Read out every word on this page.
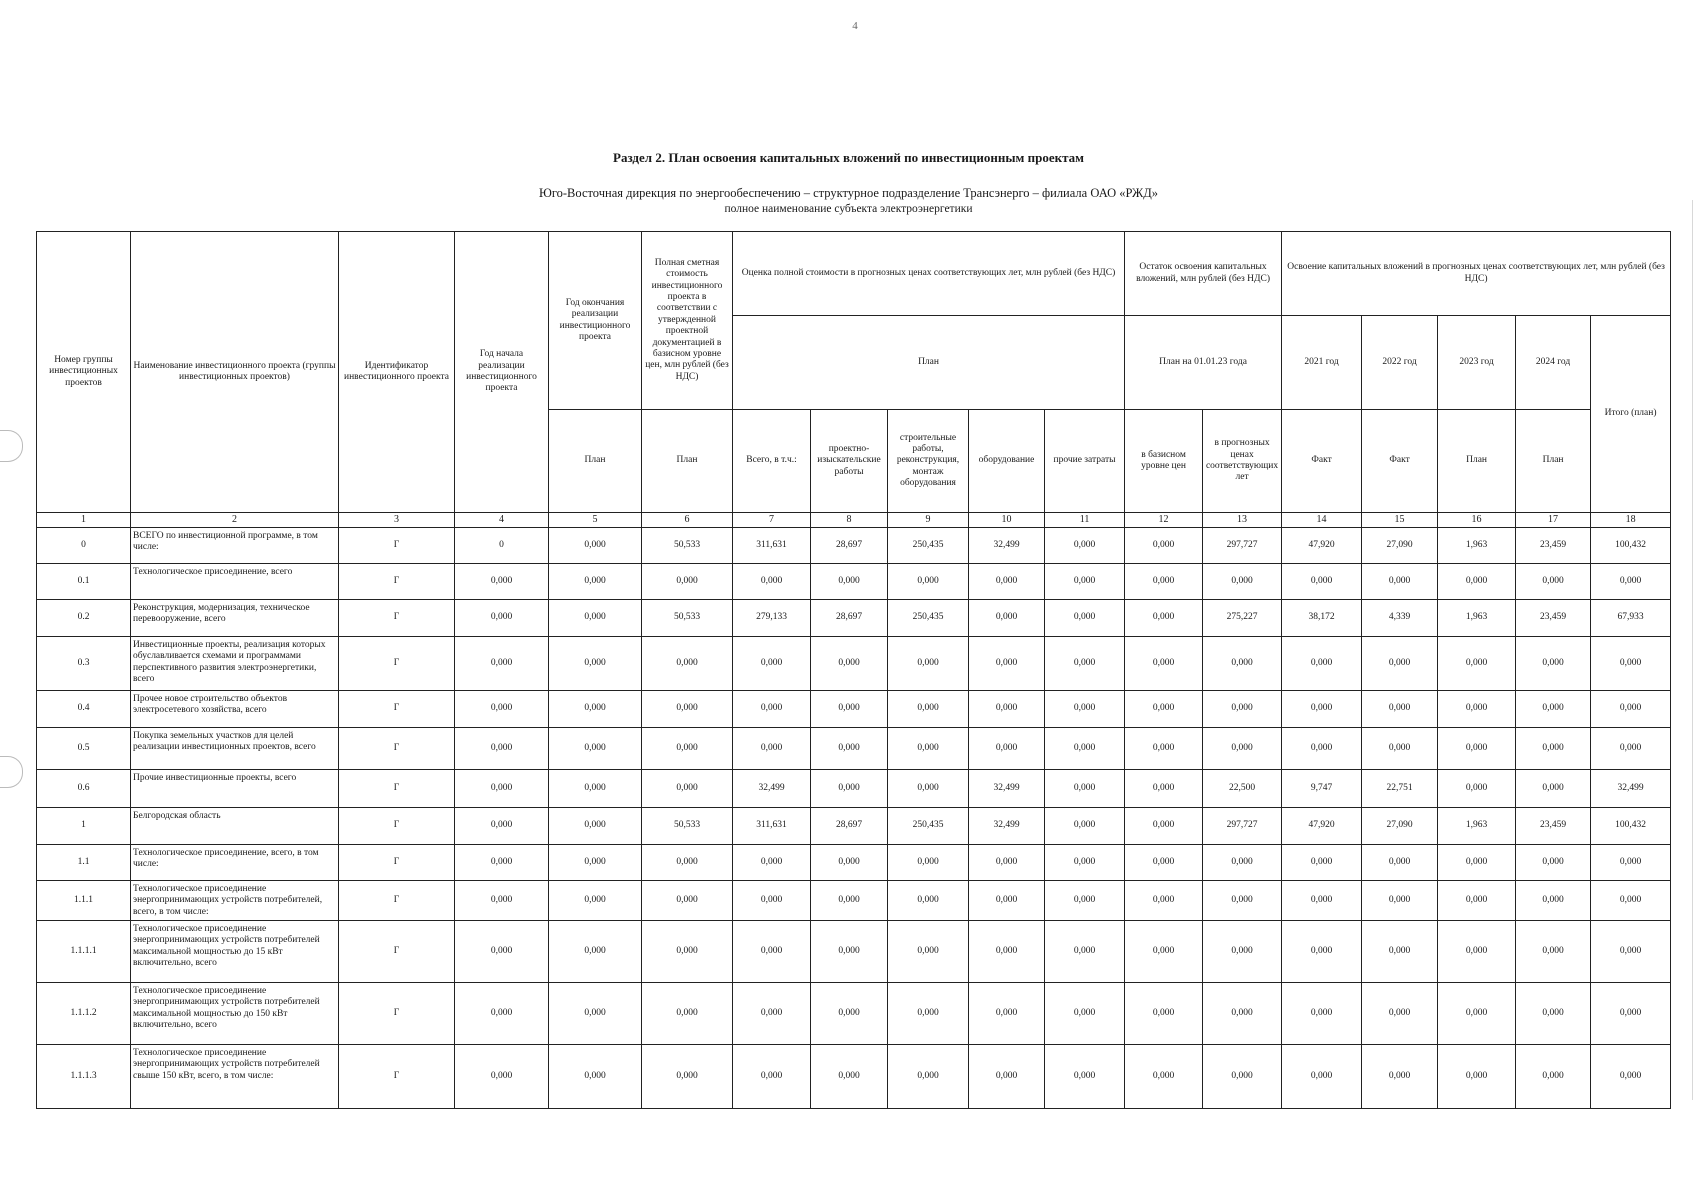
4
Раздел 2. План освоения капитальных вложений по инвестиционным проектам
Юго-Восточная дирекция по энергообеспечению – структурное подразделение Трансэнерго – филиала ОАО «РЖД»
полное наименование субъекта электроэнергетики
Номер группы инвестиционных проектов	Наименование инвестиционного проекта (группы инвестиционных проектов)	Идентификатор инвестиционного проекта	Год начала реализации инвестиционного проекта	Год окончания реализации инвестиционного проекта	Полная сметная стоимость инвестиционного проекта в соответствии с утвержденной проектной документацией в базисном уровне цен, млн рублей (без НДС)	Оценка полной стоимости в прогнозных ценах соответствующих лет, млн рублей (без НДС)					Остаток освоения капитальных вложений, млн рублей (без НДС)		Освоение капитальных вложений в прогнозных ценах соответствующих лет, млн рублей (без НДС)				
						План					План на 01.01.23 года		2021 год	2022 год	2023 год	2024 год	Итого (план)
				План	План	Всего, в т.ч.:	проектно-изыскательские работы	строительные работы, реконструкция, монтаж оборудования	оборудование	прочие затраты	в базисном уровне цен	в прогнозных ценах соответствующих лет	Факт	Факт	План	План	
1	2	3	4	5	6	7	8	9	10	11	12	13	14	15	16	17	18
0	ВСЕГО по инвестиционной программе, в том числе:	Г	0	0,000	50,533	311,631	28,697	250,435	32,499	0,000	0,000	297,727	47,920	27,090	1,963	23,459	100,432
0.1	Технологическое присоединение, всего	Г	0,000	0,000	0,000	0,000	0,000	0,000	0,000	0,000	0,000	0,000	0,000	0,000	0,000	0,000	0,000
0.2	Реконструкция, модернизация, техническое перевооружение, всего	Г	0,000	0,000	50,533	279,133	28,697	250,435	0,000	0,000	0,000	275,227	38,172	4,339	1,963	23,459	67,933
0.3	Инвестиционные проекты, реализация которых обуславливается схемами и программами перспективного развития электроэнергетики, всего	Г	0,000	0,000	0,000	0,000	0,000	0,000	0,000	0,000	0,000	0,000	0,000	0,000	0,000	0,000	0,000
0.4	Прочее новое строительство объектов электросетевого хозяйства, всего	Г	0,000	0,000	0,000	0,000	0,000	0,000	0,000	0,000	0,000	0,000	0,000	0,000	0,000	0,000	0,000
0.5	Покупка земельных участков для целей реализации инвестиционных проектов, всего	Г	0,000	0,000	0,000	0,000	0,000	0,000	0,000	0,000	0,000	0,000	0,000	0,000	0,000	0,000	0,000
0.6	Прочие инвестиционные проекты, всего	Г	0,000	0,000	0,000	32,499	0,000	0,000	32,499	0,000	0,000	22,500	9,747	22,751	0,000	0,000	32,499
1	Белгородская область	Г	0,000	0,000	50,533	311,631	28,697	250,435	32,499	0,000	0,000	297,727	47,920	27,090	1,963	23,459	100,432
1.1	Технологическое присоединение, всего, в том числе:	Г	0,000	0,000	0,000	0,000	0,000	0,000	0,000	0,000	0,000	0,000	0,000	0,000	0,000	0,000	0,000
1.1.1	Технологическое присоединение энергопринимающих устройств потребителей, всего, в том числе:	Г	0,000	0,000	0,000	0,000	0,000	0,000	0,000	0,000	0,000	0,000	0,000	0,000	0,000	0,000	0,000
1.1.1.1	Технологическое присоединение энергопринимающих устройств потребителей максимальной мощностью до 15 кВт включительно, всего	Г	0,000	0,000	0,000	0,000	0,000	0,000	0,000	0,000	0,000	0,000	0,000	0,000	0,000	0,000	0,000
1.1.1.2	Технологическое присоединение энергопринимающих устройств потребителей максимальной мощностью до 150 кВт включительно, всего	Г	0,000	0,000	0,000	0,000	0,000	0,000	0,000	0,000	0,000	0,000	0,000	0,000	0,000	0,000	0,000
1.1.1.3	Технологическое присоединение энергопринимающих устройств потребителей свыше 150 кВт, всего, в том числе:	Г	0,000	0,000	0,000	0,000	0,000	0,000	0,000	0,000	0,000	0,000	0,000	0,000	0,000	0,000	0,000
